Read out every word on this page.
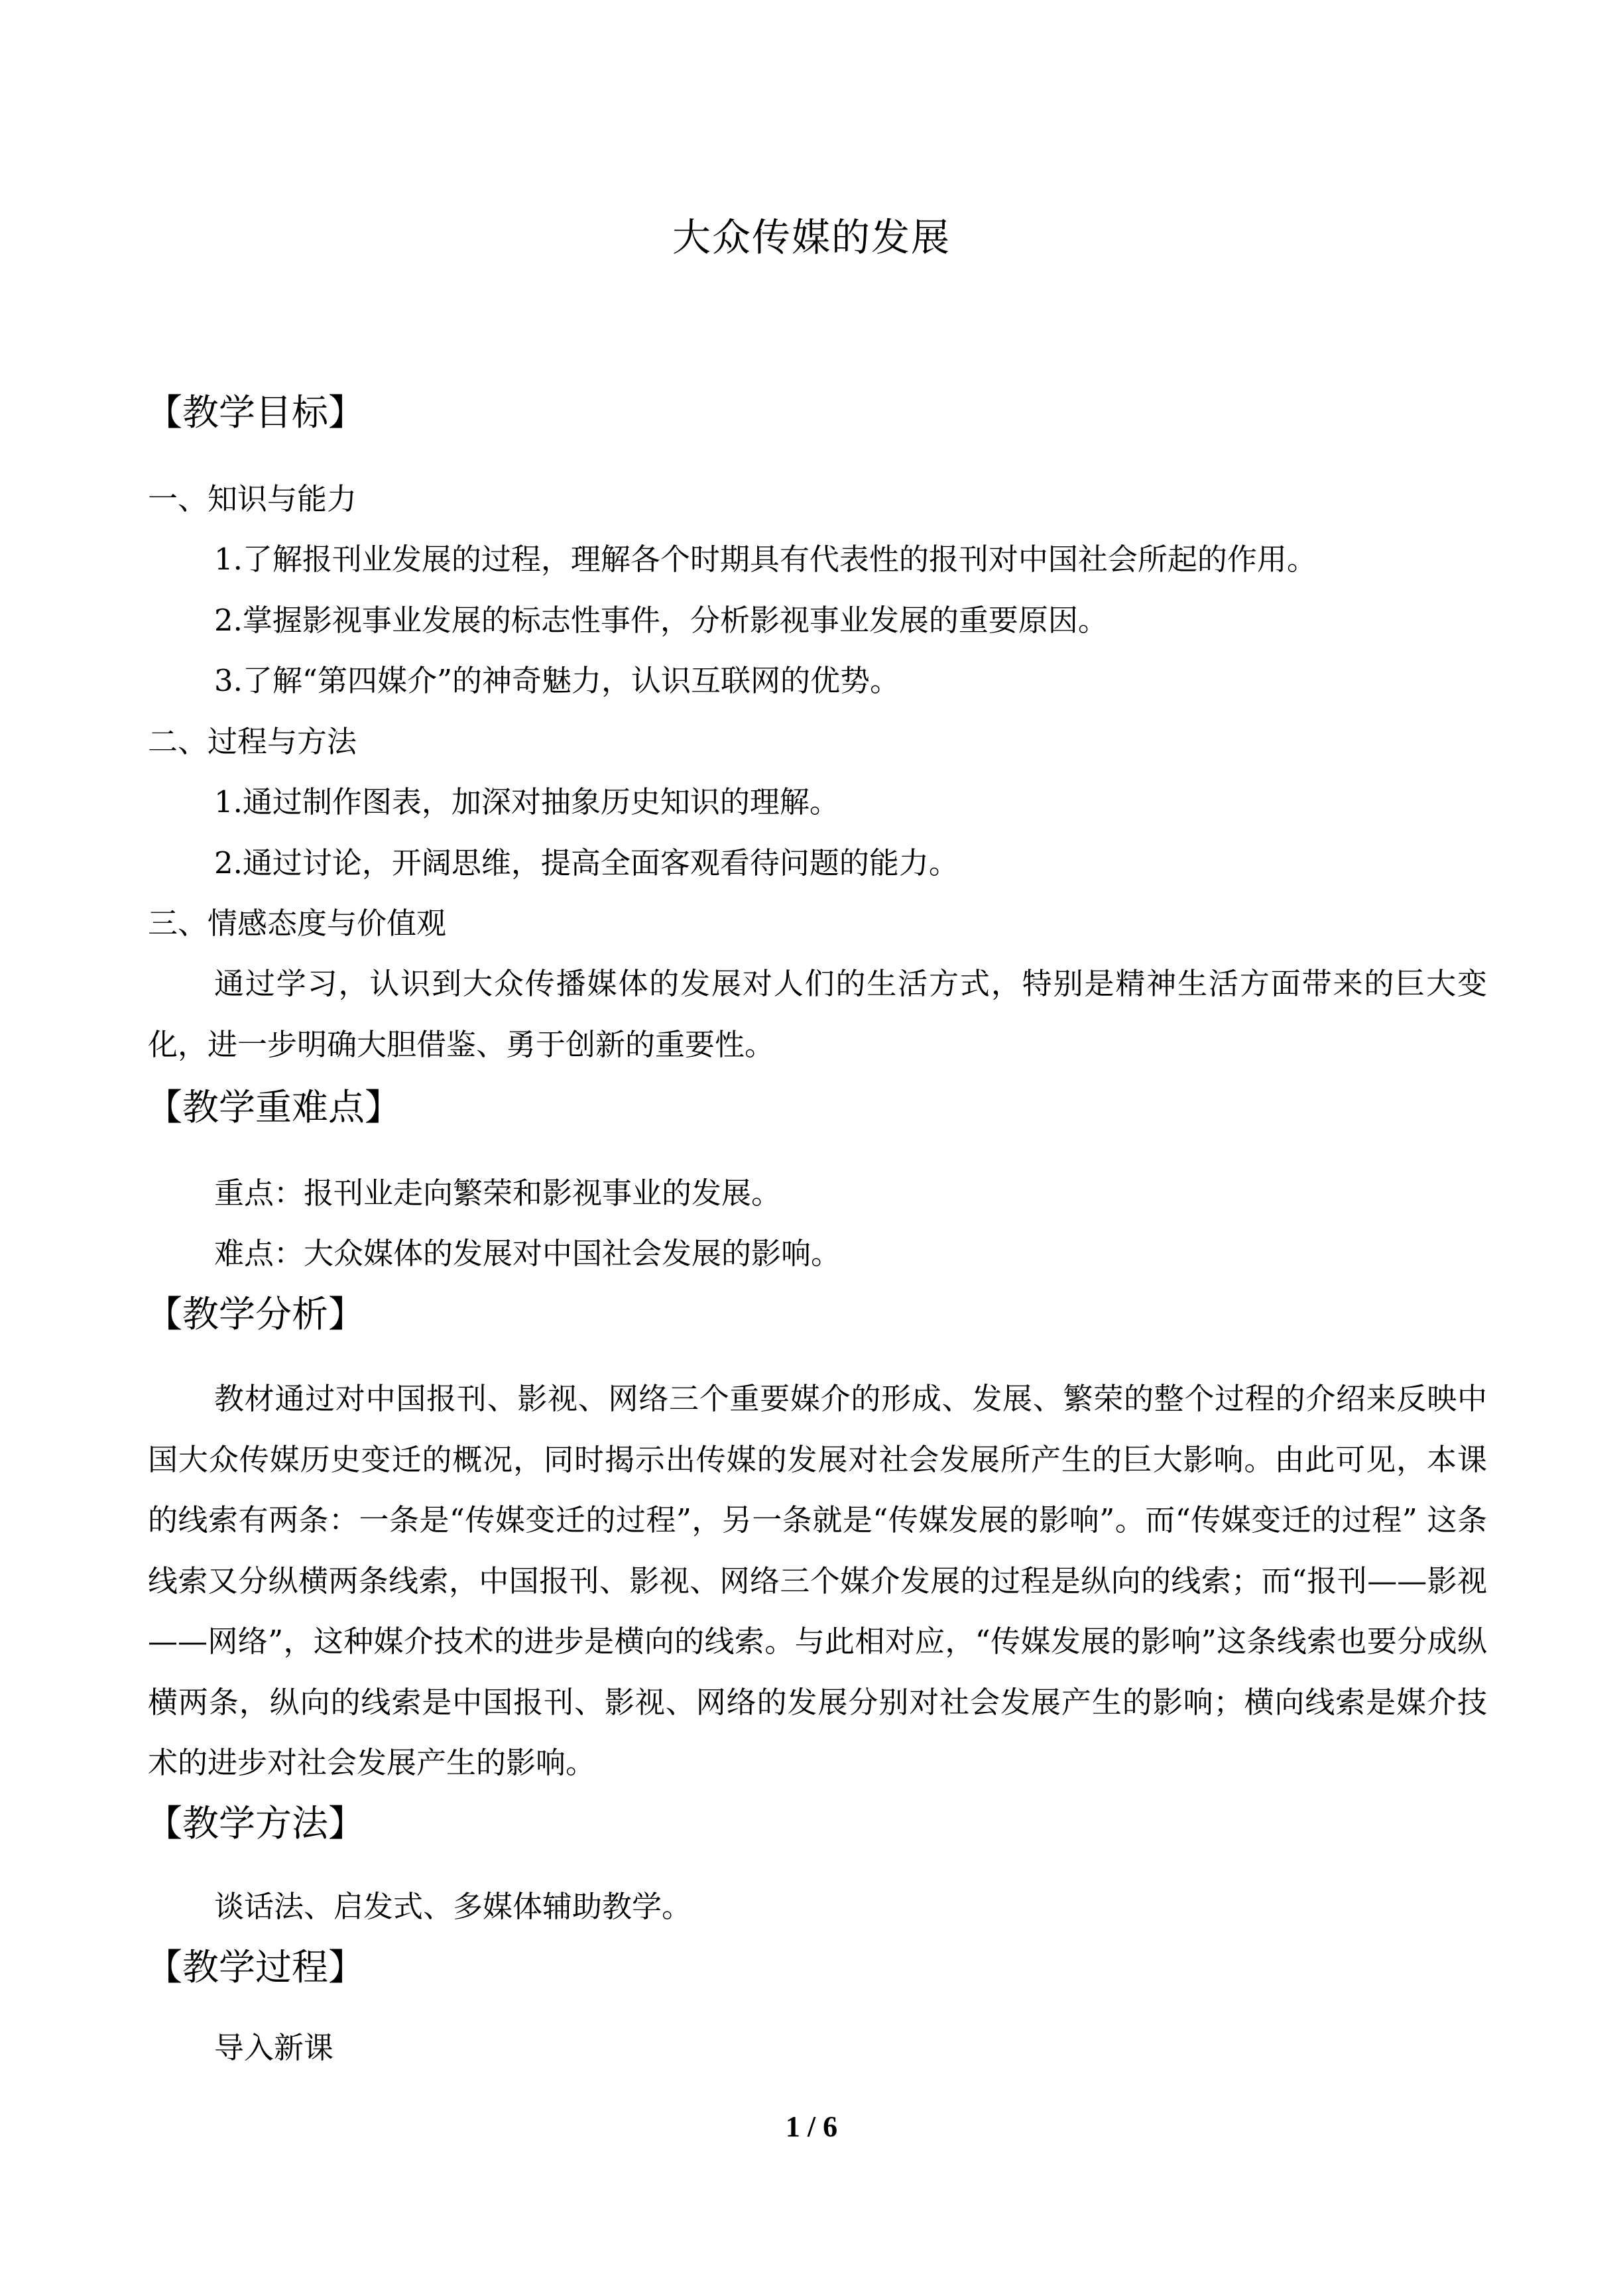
大众传媒的发展
【教学目标】
一、知识与能力
1.了解报刊业发展的过程，理解各个时期具有代表性的报刊对中国社会所起的作用。
2.掌握影视事业发展的标志性事件，分析影视事业发展的重要原因。
3.了解“第四媒介”的神奇魅力，认识互联网的优势。
二、过程与方法
1.通过制作图表，加深对抽象历史知识的理解。
2.通过讨论，开阔思维，提高全面客观看待问题的能力。
三、情感态度与价值观

通过学习，认识到大众传播媒体的发展对人们的生活方式，特别是精神生活方面带来的巨大变化，进一步明确大胆借鉴、勇于创新的重要性。

【教学重难点】
重点：报刊业走向繁荣和影视事业的发展。
难点：大众媒体的发展对中国社会发展的影响。
【教学分析】

教材通过对中国报刊、影视、网络三个重要媒介的形成、发展、繁荣的整个过程的介绍来反映中国大众传媒历史变迁的概况，同时揭示出传媒的发展对社会发展所产生的巨大影响。由此可见，本课的线索有两条：一条是“传媒变迁的过程”，另一条就是“传媒发展的影响”。而“传媒变迁的过程” 这条线索又分纵横两条线索，中国报刊、影视、网络三个媒介发展的过程是纵向的线索；而“报刊——影视——网络”，这种媒介技术的进步是横向的线索。与此相对应，“传媒发展的影响”这条线索也要分成纵横两条，纵向的线索是中国报刊、影视、网络的发展分别对社会发展产生的影响；横向线索是媒介技术的进步对社会发展产生的影响。

【教学方法】
谈话法、启发式、多媒体辅助教学。
【教学过程】
导入新课
1 / 6
